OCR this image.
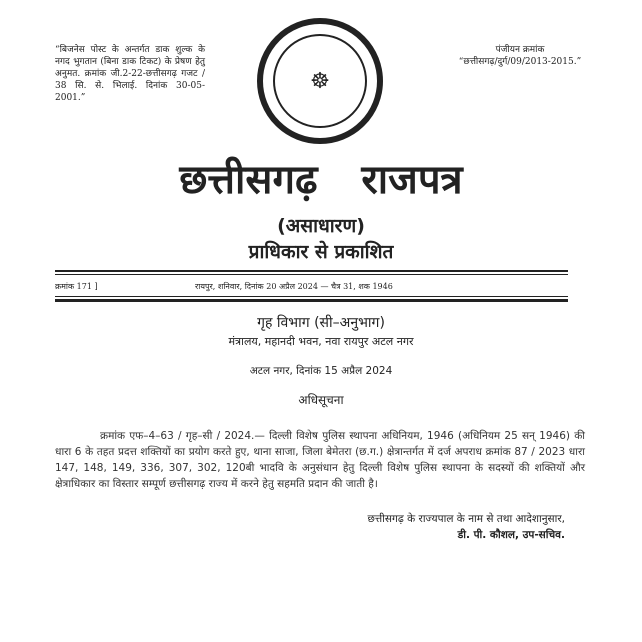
“बिजनेस पोस्ट के अन्तर्गत डाक शुल्क के नगद भुगतान (बिना डाक टिकट) के प्रेषण हेतु अनुमत. क्रमांक जी.2-22-छत्तीसगढ़ गजट / 38 सि. से. भिलाई. दिनांक 30-05-2001.”
☸
पंजीयन क्रमांक
“छत्तीसगढ़/दुर्ग/09/2013-2015.”
छत्तीसगढ़ राजपत्र
(असाधारण)
प्राधिकार से प्रकाशित
क्रमांक 171 ]	रायपुर, शनिवार, दिनांक 20 अप्रैल 2024 — चैत्र 31, शक 1946
गृह विभाग (सी–अनुभाग)
मंत्रालय, महानदी भवन, नवा रायपुर अटल नगर
अटल नगर, दिनांक 15 अप्रैल 2024
अधिसूचना
क्रमांक एफ–4–63 / गृह–सी / 2024.— दिल्ली विशेष पुलिस स्थापना अधिनियम, 1946 (अधिनियम 25 सन् 1946) की धारा 6 के तहत प्रदत्त शक्तियों का प्रयोग करते हुए, थाना साजा, जिला बेमेतरा (छ.ग.) क्षेत्रान्तर्गत में दर्ज अपराध क्रमांक 87 / 2023 धारा 147, 148, 149, 336, 307, 302, 120बी भादवि के अनुसंधान हेतु दिल्ली विशेष पुलिस स्थापना के सदस्यों की शक्तियों और क्षेत्राधिकार का विस्तार सम्पूर्ण छत्तीसगढ़ राज्य में करने हेतु सहमति प्रदान की जाती है।
छत्तीसगढ़ के राज्यपाल के नाम से तथा आदेशानुसार,
डी. पी. कौशल, उप-सचिव.
